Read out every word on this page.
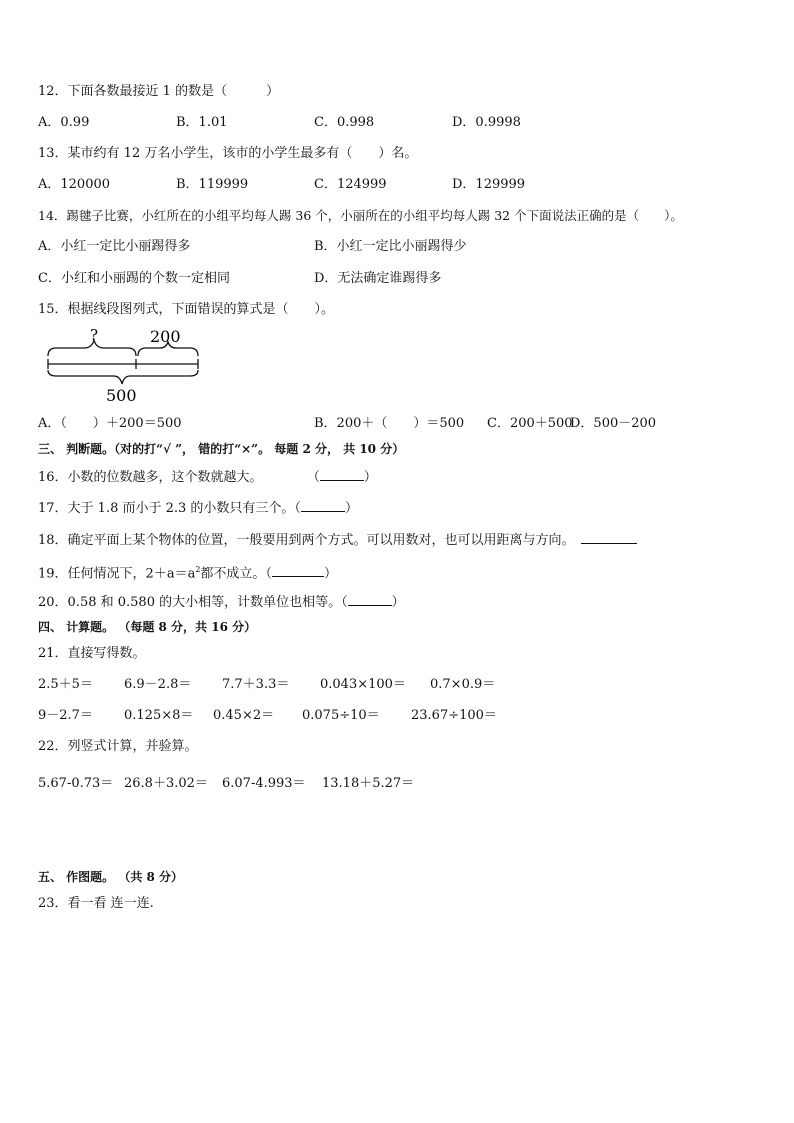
12．下面各数最接近 1 的数是（　　　）
A．0.99	B．1.01	C．0.998	D．0.9998
13．某市约有 12 万名小学生，该市的小学生最多有（　　）名。
A．120000	B．119999	C．124999	D．129999
14．踢毽子比赛，小红所在的小组平均每人踢 36 个，小丽所在的小组平均每人踢 32 个下面说法正确的是（　　）。
A．小红一定比小丽踢得多	B．小红一定比小丽踢得少
C．小红和小丽踢的个数一定相同	D．无法确定谁踢得多
15．根据线段图列式，下面错误的算式是（　　）。
?	200
500
A．（　　）＋200＝500	B．200＋（　　）＝500 C．200＋500
D．500－200
三、 判断题。（对的打“√ ”， 错的打“×”。 每题 2 分， 共 10 分）
16．小数的位数越多，这个数就越大。	（	）
17．大于 1.8 而小于 2.3 的小数只有三个。（	）
18．确定平面上某个物体的位置，一般要用到两个方式。可以用数对，也可以用距离与方向。
19．任何情况下，$2+a=a^2$都不成立。（	）
20．0.58 和 0.580 的大小相等，计数单位也相等。（	）
四、 计算题。 （每题 8 分，共 16 分）
21．直接写得数。
2.5＋5＝ 6.9－2.8＝ 7.7＋3.3＝ 0.043×100＝ 0.7×0.9＝
9－2.7＝ 0.125×8＝ 0.45×2＝ 0.075÷10＝ 23.67÷100＝
22．列竖式计算，并验算。
5.67-0.73＝ 26.8＋3.02＝ 6.07-4.993＝ 13.18＋5.27＝
五、 作图题。 （共 8 分）
23．看一看 连一连.
